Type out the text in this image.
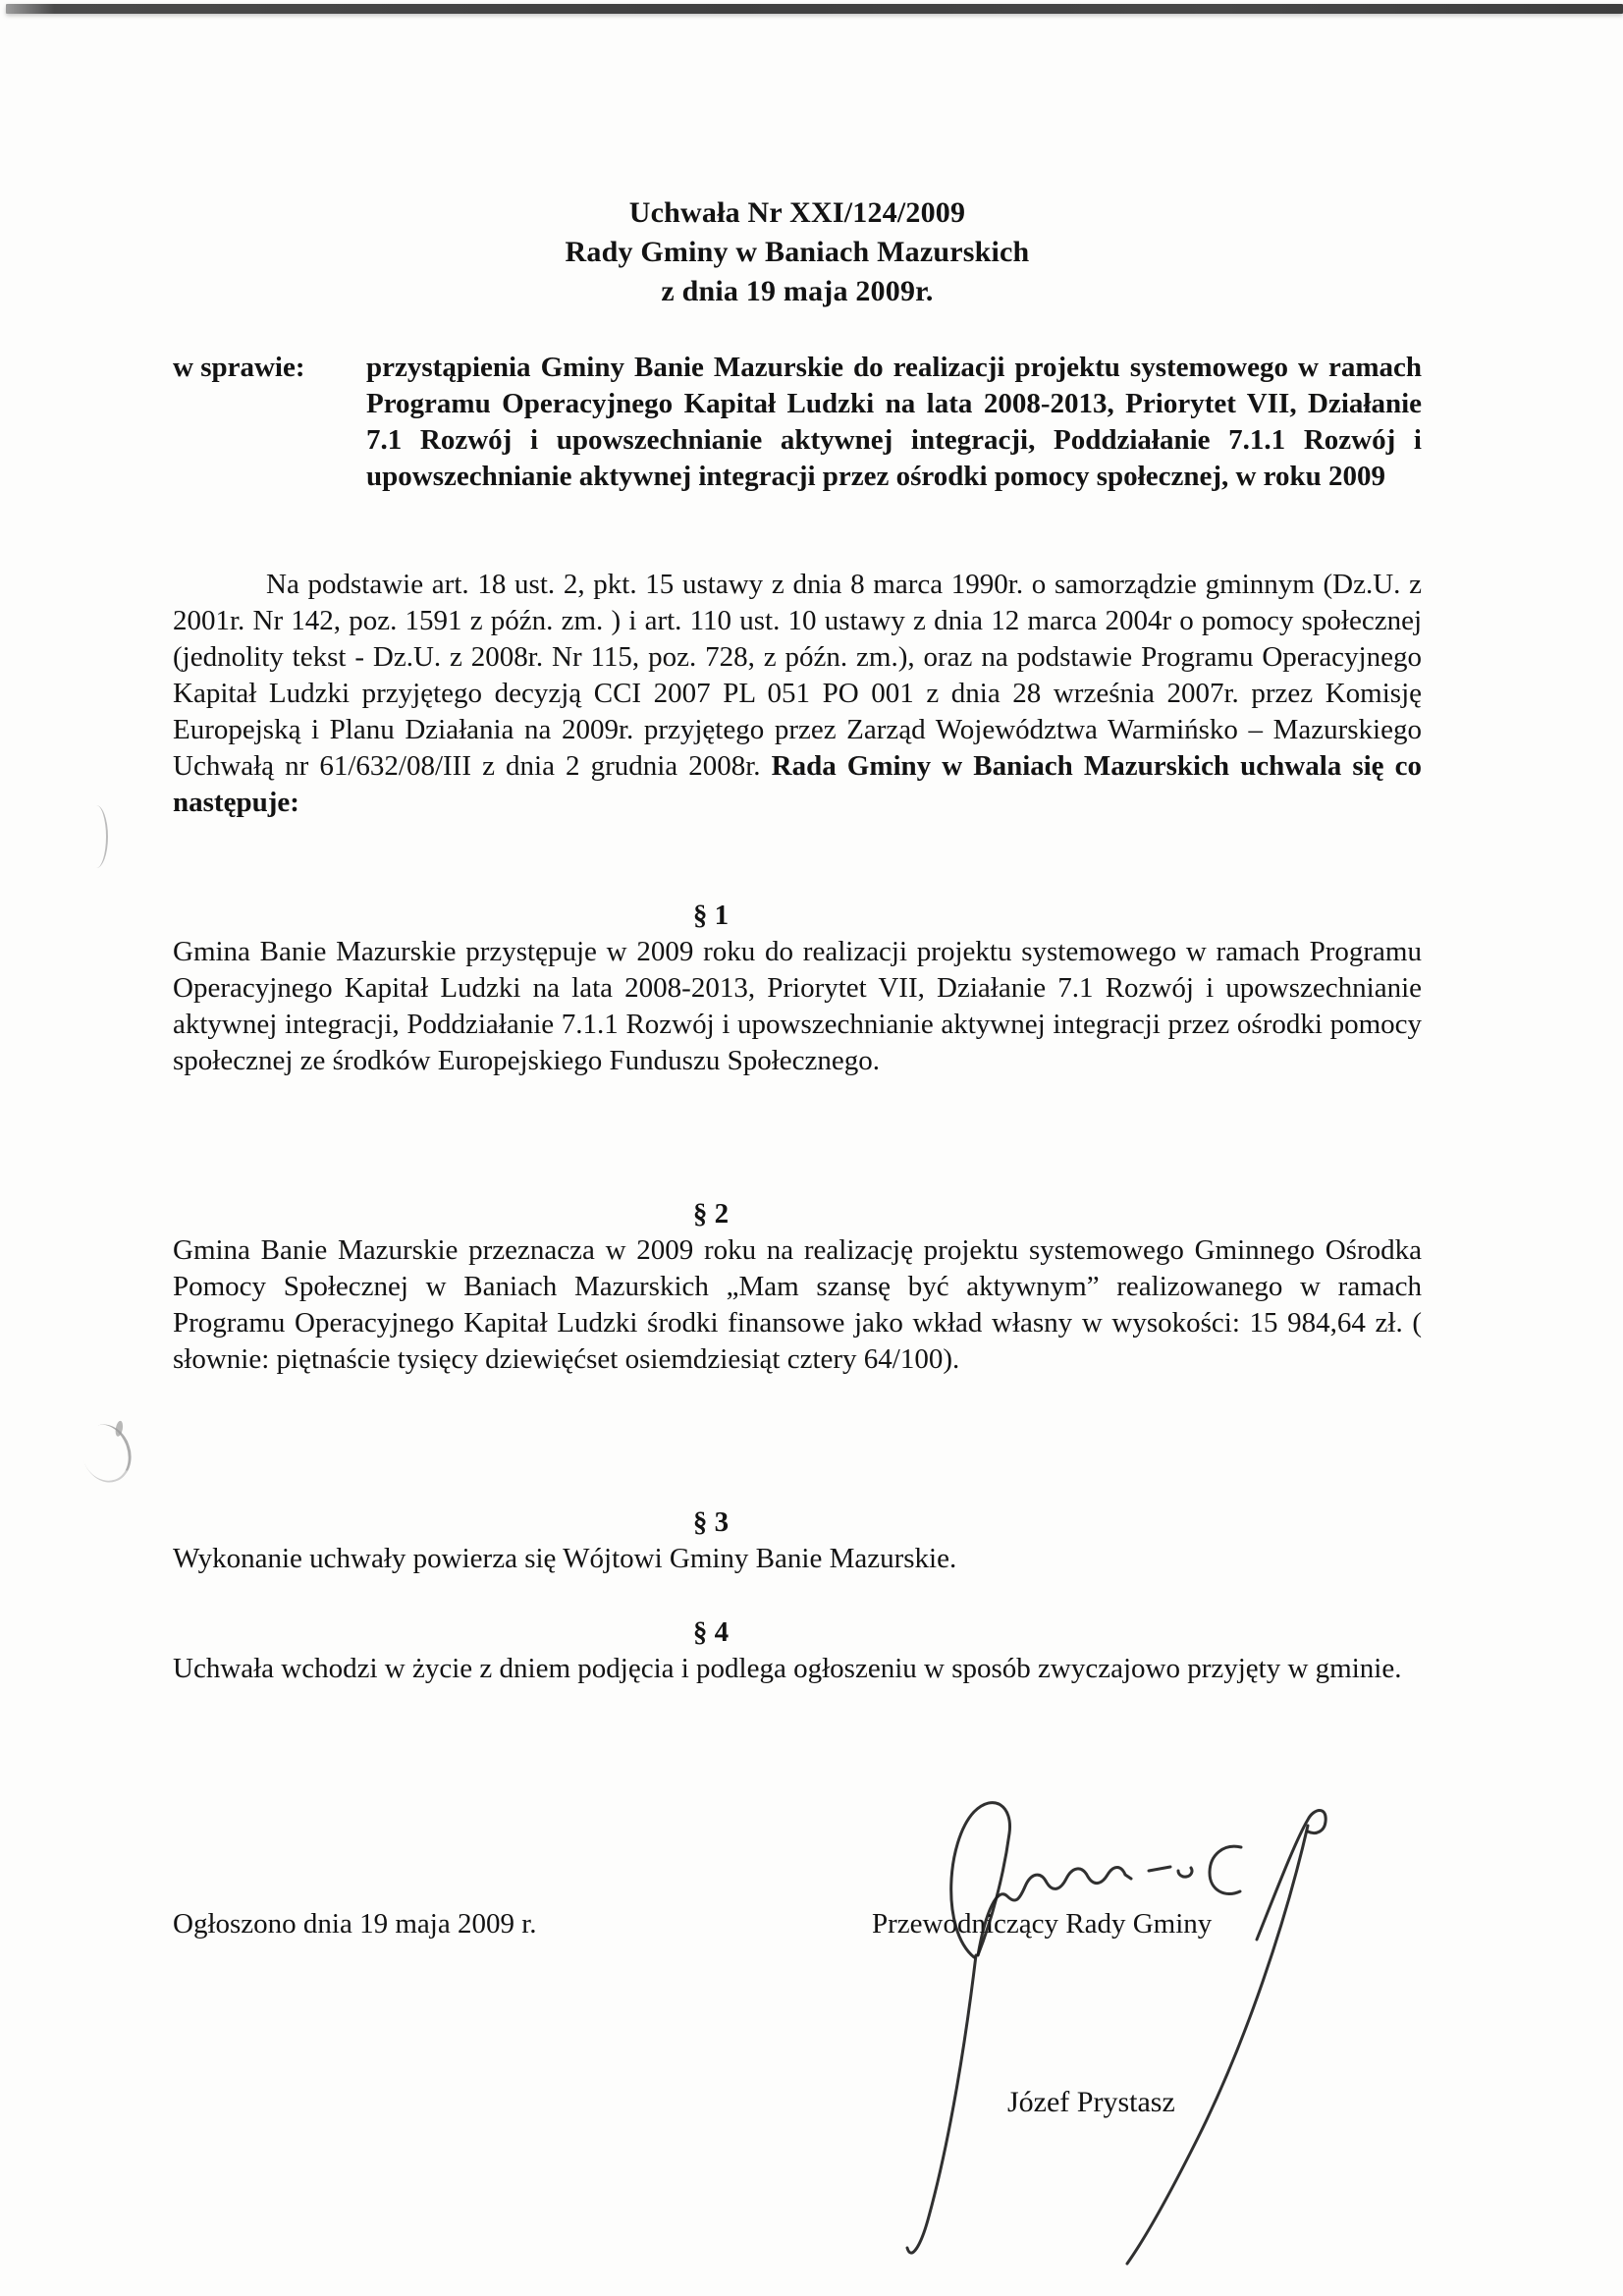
Uchwała Nr XXI/124/2009
Rady Gminy w Baniach Mazurskich
z dnia 19 maja 2009r.
w sprawie:	przystąpienia Gminy Banie Mazurskie do realizacji projektu systemowego w ramach Programu Operacyjnego Kapitał Ludzki na lata 2008-2013, Priorytet VII, Działanie 7.1 Rozwój i upowszechnianie aktywnej integracji, Poddziałanie 7.1.1 Rozwój i upowszechnianie aktywnej integracji przez ośrodki pomocy społecznej, w roku 2009
Na podstawie art. 18 ust. 2, pkt. 15 ustawy z dnia 8 marca 1990r. o samorządzie gminnym (Dz.U. z 2001r. Nr 142, poz. 1591 z późn. zm. ) i art. 110 ust. 10 ustawy z dnia 12 marca 2004r o pomocy społecznej (jednolity tekst - Dz.U. z 2008r. Nr 115, poz. 728, z późn. zm.), oraz na podstawie Programu Operacyjnego Kapitał Ludzki przyjętego decyzją CCI 2007 PL 051 PO 001 z dnia 28 września 2007r. przez Komisję Europejską i Planu Działania na 2009r. przyjętego przez Zarząd Województwa Warmińsko – Mazurskiego Uchwałą nr 61/632/08/III z dnia 2 grudnia 2008r. Rada Gminy w Baniach Mazurskich uchwala się co następuje:
§ 1
Gmina Banie Mazurskie przystępuje w 2009 roku do realizacji projektu systemowego w ramach Programu Operacyjnego Kapitał Ludzki na lata 2008-2013, Priorytet VII, Działanie 7.1 Rozwój i upowszechnianie aktywnej integracji, Poddziałanie 7.1.1 Rozwój i upowszechnianie aktywnej integracji przez ośrodki pomocy społecznej ze środków Europejskiego Funduszu Społecznego.
§ 2
Gmina Banie Mazurskie przeznacza w 2009 roku na realizację projektu systemowego Gminnego Ośrodka Pomocy Społecznej w Baniach Mazurskich „Mam szansę być aktywnym” realizowanego w ramach Programu Operacyjnego Kapitał Ludzki środki finansowe jako wkład własny w wysokości: 15 984,64 zł. ( słownie: piętnaście tysięcy dziewięćset osiemdziesiąt cztery 64/100).
§ 3
Wykonanie uchwały powierza się Wójtowi Gminy Banie Mazurskie.
§ 4
Uchwała wchodzi w życie z dniem podjęcia i podlega ogłoszeniu w sposób zwyczajowo przyjęty w gminie.
Ogłoszono dnia 19 maja 2009 r.	Przewodniczący Rady Gminy
Józef Prystasz
